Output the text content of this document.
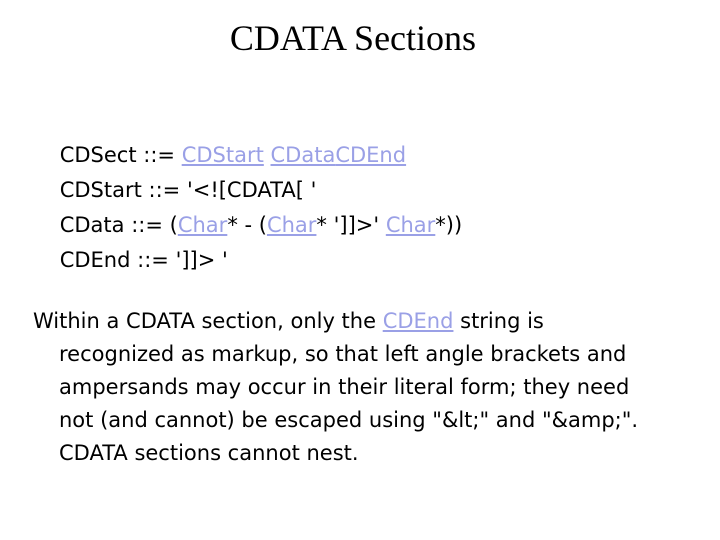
CDATA Sections

CDSect ::= CDStart CDataCDEnd

CDStart ::= '<![CDATA[ '

CData ::= (Char* - (Char* ']]>' Char*))

CDEnd ::= ']]> '

Within a CDATA section, only the CDEnd string is
recognized as markup, so that left angle brackets and
ampersands may occur in their literal form; they need
not (and cannot) be escaped using "&lt;" and "&amp;".
CDATA sections cannot nest.
